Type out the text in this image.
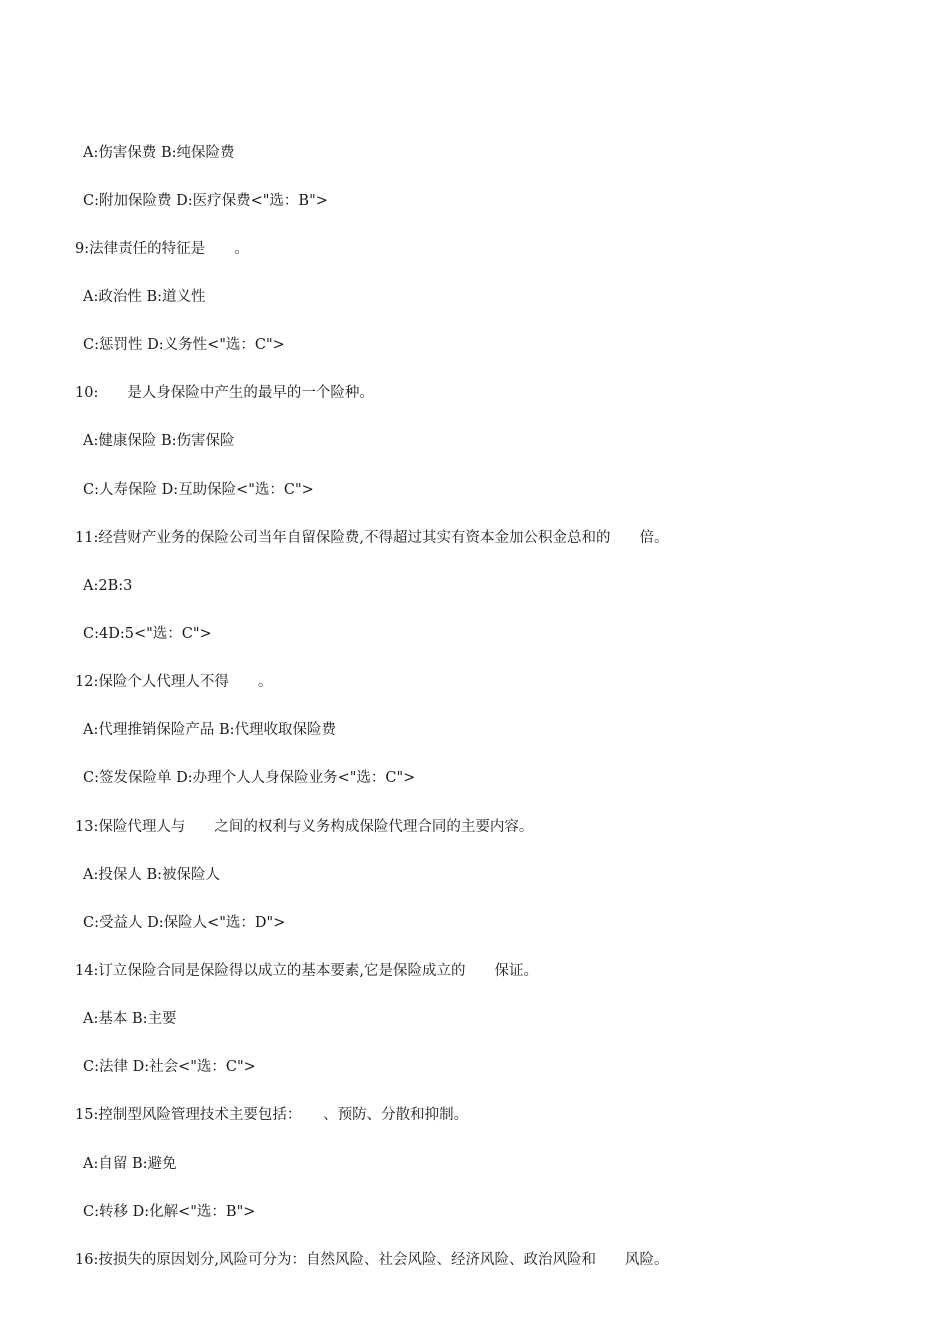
A:伤害保费 B:纯保险费
C:附加保险费 D:医疗保费<"选：B">
9:法律责任的特征是　　。
A:政治性 B:道义性
C:惩罚性 D:义务性<"选：C">
10:　　是人身保险中产生的最早的一个险种。
A:健康保险 B:伤害保险
C:人寿保险 D:互助保险<"选：C">
11:经营财产业务的保险公司当年自留保险费,不得超过其实有资本金加公积金总和的　　倍。
A:2B:3
C:4D:5<"选：C">
12:保险个人代理人不得　　。
A:代理推销保险产品 B:代理收取保险费
C:签发保险单 D:办理个人人身保险业务<"选：C">
13:保险代理人与　　之间的权利与义务构成保险代理合同的主要内容。
A:投保人 B:被保险人
C:受益人 D:保险人<"选：D">
14:订立保险合同是保险得以成立的基本要素,它是保险成立的　　保证。
A:基本 B:主要
C:法律 D:社会<"选：C">
15:控制型风险管理技术主要包括：　　、预防、分散和抑制。
A:自留 B:避免
C:转移 D:化解<"选：B">
16:按损失的原因划分,风险可分为：自然风险、社会风险、经济风险、政治风险和　　风险。
